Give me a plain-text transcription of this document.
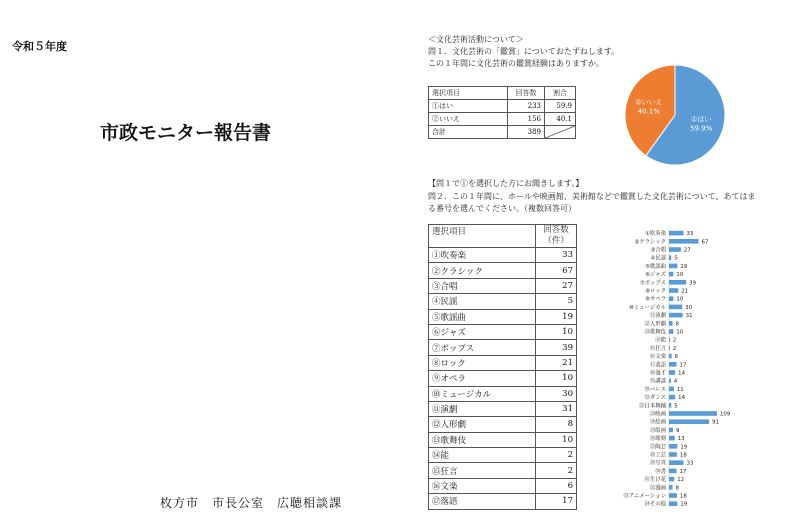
令和５年度
市政モニター報告書
枚方市　市長公室　広聴相談課
＜文化芸術活動について＞
問１．文化芸術の「鑑賞」についておたずねします。
この１年間に文化芸術の鑑賞経験はありますか。
選択項目	回答数	割合
①はい	233	59.9
②いいえ	156	40.1
合計	389	
①はい
59.9%
②いいえ
40.1%
【問１で①を選択した方にお聞きします。】
問２．この１年間に、ホールや映画館、美術館などで鑑賞した文化芸術について、あてはま
る番号を選んでください。（複数回答可）
選択項目	回答数
（件）

①吹奏楽	33
②クラシック	67
③合唱	27
④民謡	5
⑤歌謡曲	19
⑥ジャズ	10
⑦ポップス	39
⑧ロック	21
⑨オペラ	10
⑩ミュージカル	30
⑪演劇	31
⑫人形劇	8
⑬歌舞伎	10
⑭能	2
⑮狂言	2
⑯文楽	6
⑰落語	17
①吹奏楽	33
②クラシック	67
③合唱	27
④民謡 5
⑤歌謡曲	19
⑥ジャズ 10
⑦ポップス	39
⑧ロック	21
⑨オペラ 10
⑩ミュージカル	30
⑪演劇	31
⑫人形劇 8
⑬歌舞伎 10
⑭能 2
⑮狂言 2
⑯文楽 6
⑰落語 17
⑱漫才 14
⑲講談 4
⑳バレエ 11
㉑ダンス 14
㉒日本舞踊 5
㉓映画	109
㉔絵画	91
㉕版画 9
㉖彫刻 13
㉗陶芸	19
㉘工芸	18
㉙写真	33
㉚書 17
㉛生け花 12
㉜漫画 8
㉝アニメーション	18
㉞その他	19
